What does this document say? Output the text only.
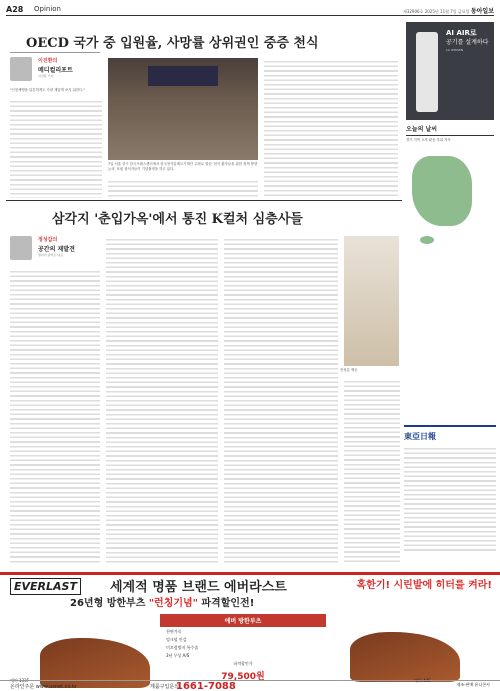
A28 Opinion	제32906호 2025년 11월 7일 금요일 동아일보
OECD 국가 중 입원율, 사망률 상위권인 중증 천식
이진환의
메디컬리포트
이진환 기자
"인천세맹을 뒤흔하게도 가장 재밌게 쓰지 위한다."
7일 서울 중구 한국프레스센터에서 한국천식알레르기재단 주최로 열린 '천식 환자들을 위한 정책 방향 논의' 포럼 참석자들이 기념촬영을 하고 있다.
AI AIR로
공기를 설계하다
LG WHISEN
오늘의 날씨
경기 지역 오후 맑음 추위 지속
삼각지 '춘입가옥'에서 통진 K컬처 심층사들
정성갑의
공간의 재발견
갤러리 클리오 대표
전성갑 제공
東亞日報
EVERLAST	세계적 명품 브랜드 에버라스트	혹한기! 시린발에 히터를 켜라!
26년형 방한부츠 "런칭기념" 파격할인전!
에버 방한부츠
천연가죽
밍크털 안감
미끄럼방지 특수솔
3년 무상 A/S
파격할인가
79,500원
에버 133F	에버 44E
온라인주문 www.usnet.co.kr	제품구입문의
1661-7088	제조·판매 유니콘사
